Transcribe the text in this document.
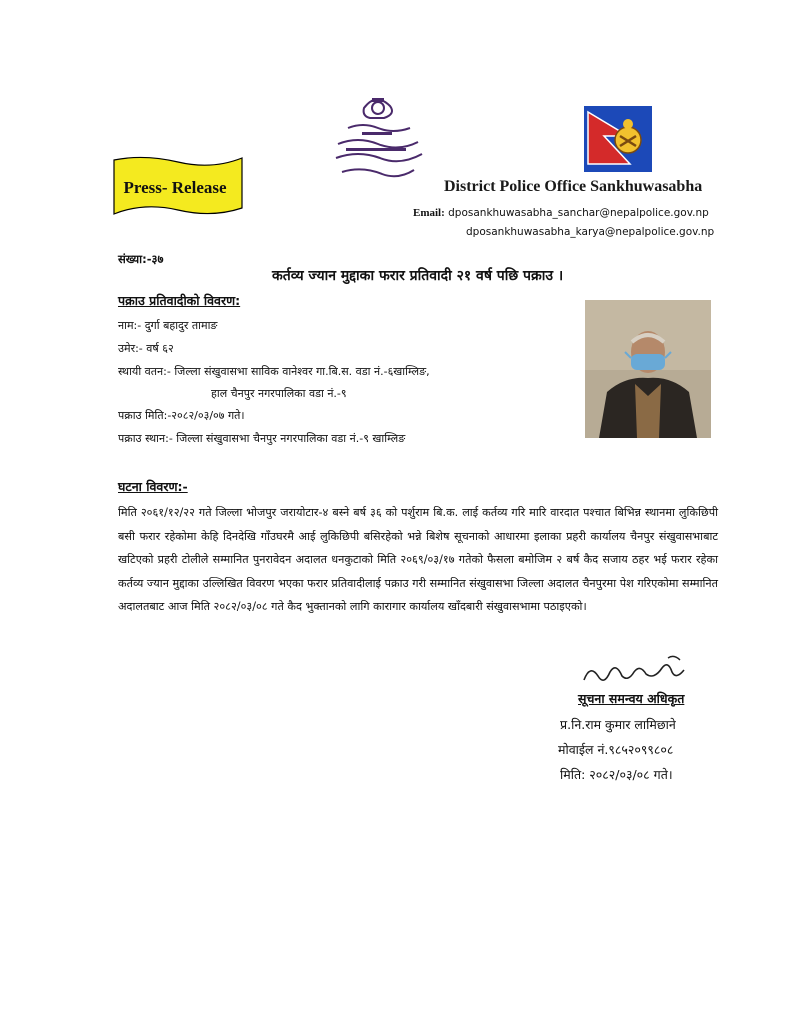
Press- Release	District Police Office Sankhuwasabha
Email: dposankhuwasabha_sanchar@nepalpolice.gov.np
dposankhuwasabha_karya@nepalpolice.gov.np
संख्या:-३७
कर्तव्य ज्यान मुद्दाका फरार प्रतिवादी २१ वर्ष पछि पक्राउ ।
पक्राउ प्रतिवादीको विवरण:
नाम:- दुर्गा बहादुर तामाङ
उमेर:- वर्ष ६२
स्थायी वतन:- जिल्ला संखुवासभा साविक वानेश्वर गा.बि.स. वडा नं.-६खाम्लिङ,
हाल चैनपुर नगरपालिका वडा नं.-९
पक्राउ मिति:-२०८२/०३/०७ गते।
पक्राउ स्थान:- जिल्ला संखुवासभा चैनपुर नगरपालिका वडा नं.-९ खाम्लिङ
घटना विवरण:-

मिति २०६१/१२/२२ गते जिल्ला भोजपुर जरायोटार-४ बस्ने बर्ष ३६ को पर्शुराम बि.क. लाई कर्तव्य गरि मारि वारदात पश्चात बिभिन्न स्थानमा लुकिछिपी बसी फरार रहेकोमा केहि दिनदेखि गाँउघरमै आई लुकिछिपी बसिरहेको भन्ने बिशेष सूचनाको आधारमा इलाका प्रहरी कार्यालय चैनपुर संखुवासभाबाट खटिएको प्रहरी टोलीले सम्मानित पुनरावेदन अदालत धनकुटाको मिति २०६९/०३/१७ गतेको फैसला बमोजिम २ बर्ष कैद सजाय ठहर भई फरार रहेका कर्तव्य ज्यान मुद्दाका उल्लिखित विवरण भएका फरार प्रतिवादीलाई पक्राउ गरी सम्मानित संखुवासभा जिल्ला अदालत चैनपुरमा पेश गरिएकोमा सम्मानित अदालतबाट आज मिति २०८२/०३/०८ गते कैद भुक्तानको लागि कारागार कार्यालय खाँदबारी संखुवासभामा पठाइएको।

सूचना समन्वय अधिकृत
प्र.नि.राम कुमार लामिछाने
मोवाईल नं.९८५२०९९८०८
मिति: २०८२/०३/०८ गते।
